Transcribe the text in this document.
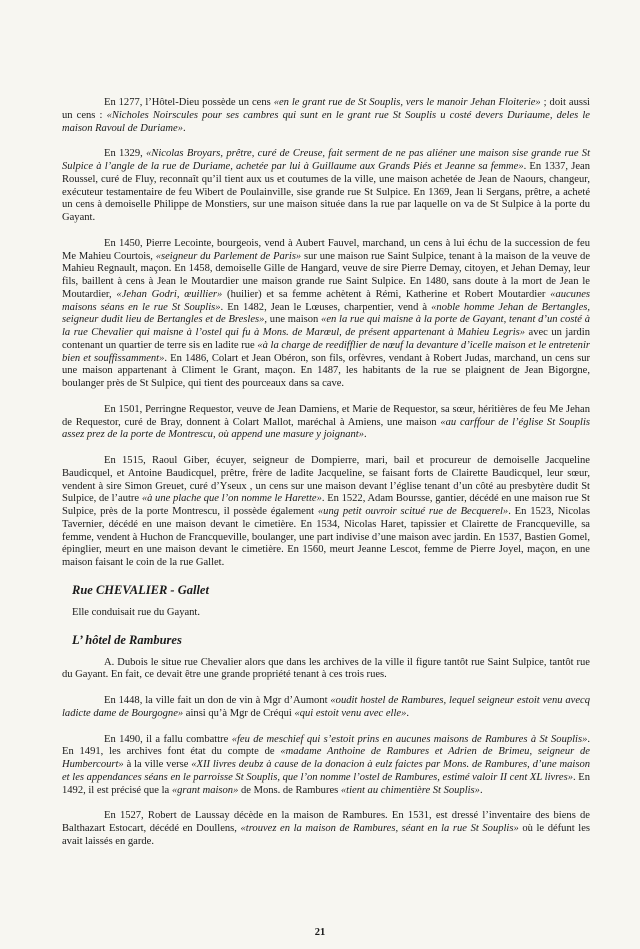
En 1277, l’Hôtel-Dieu possède un cens «en le grant rue de St Souplis, vers le manoir Jehan Floiterie» ; doit aussi un cens : «Nicholes Noirscules pour ses cambres qui sunt en le grant rue St Souplis u costé devers Duriaume, deles le maison Ravoul de Duriame».

En 1329, «Nicolas Broyars, prêtre, curé de Creuse, fait serment de ne pas aliéner une maison sise grande rue St Sulpice à l’angle de la rue de Duriame, achetée par lui à Guillaume aux Grands Piés et Jeanne sa femme». En 1337, Jean Roussel, curé de Fluy, reconnaît qu’il tient aux us et coutumes de la ville, une maison achetée de Jean de Naours, changeur, exécuteur testamentaire de feu Wibert de Poulainville, sise grande rue St Sulpice. En 1369, Jean li Sergans, prêtre, a acheté un cens à demoiselle Philippe de Monstiers, sur une maison située dans la rue par laquelle on va de St Sulpice à la porte du Gayant.

En 1450, Pierre Lecointe, bourgeois, vend à Aubert Fauvel, marchand, un cens à lui échu de la succession de feu Me Mahieu Courtois, «seigneur du Parlement de Paris» sur une maison rue Saint Sulpice, tenant à la maison de la veuve de Mahieu Regnault, maçon. En 1458, demoiselle Gille de Hangard, veuve de sire Pierre Demay, citoyen, et Jehan Demay, leur fils, baillent à cens à Jean le Moutardier une maison grande rue Saint Sulpice. En 1480, sans doute à la mort de Jean le Moutardier, «Jehan Godri, œuillier» (huilier) et sa femme achètent à Rémi, Katherine et Robert Moutardier «aucunes maisons séans en le rue St Souplis». En 1482, Jean le Lœuses, charpentier, vend à «noble homme Jehan de Bertangles, seigneur dudit lieu de Bertangles et de Bresles», une maison «en la rue qui maisne à la porte de Gayant, tenant d’un costé à la rue Chevalier qui maisne à l’ostel qui fu à Mons. de Marœul, de présent appartenant à Mahieu Legris» avec un jardin contenant un quartier de terre sis en ladite rue «à la charge de reedifflier de nœuf la devanture d’icelle maison et le entretenir bien et souffissamment». En 1486, Colart et Jean Obéron, son fils, orfèvres, vendant à Robert Judas, marchand, un cens sur une maison appartenant à Climent le Grant, maçon. En 1487, les habitants de la rue se plaignent de Jean Bigorgne, boulanger près de St Sulpice, qui tient des pourceaux dans sa cave.

En 1501, Perringne Requestor, veuve de Jean Damiens, et Marie de Requestor, sa sœur, héritières de feu Me Jehan de Requestor, curé de Bray, donnent à Colart Mallot, maréchal à Amiens, une maison «au carffour de l’église St Souplis assez prez de la porte de Montrescu, où append une masure y joignant».

En 1515, Raoul Giber, écuyer, seigneur de Dompierre, mari, bail et procureur de demoiselle Jacqueline Baudicquel, et Antoine Baudicquel, prêtre, frère de ladite Jacqueline, se faisant forts de Clairette Baudicquel, leur sœur, vendent à sire Simon Greuet, curé d’Yseux , un cens sur une maison devant l’église tenant d’un côté au presbytère dudit St Sulpice, de l’autre «à une plache que l’on nomme le Harette». En 1522, Adam Boursse, gantier, décédé en une maison rue St Sulpice, près de la porte Montrescu, il possède également «ung petit ouvroir scitué rue de Becquerel». En 1523, Nicolas Tavernier, décédé en une maison devant le cimetière. En 1534, Nicolas Haret, tapissier et Clairette de Francqueville, sa femme, vendent à Huchon de Francqueville, boulanger, une part indivise d’une maison avec jardin. En 1537, Bastien Gomel, épinglier, meurt en une maison devant le cimetière. En 1560, meurt Jeanne Lescot, femme de Pierre Joyel, maçon, en une maison faisant le coin de la rue Gallet.

Rue CHEVALIER - Gallet

Elle conduisait rue du Gayant.

L’ hôtel de Rambures

A. Dubois le situe rue Chevalier alors que dans les archives de la ville il figure tantôt rue Saint Sulpice, tantôt rue du Gayant. En fait, ce devait être une grande propriété tenant à ces trois rues.

En 1448, la ville fait un don de vin à Mgr d’Aumont «oudit hostel de Rambures, lequel seigneur estoit venu avecq ladicte dame de Bourgogne» ainsi qu’à Mgr de Créqui «qui estoit venu avec elle».

En 1490, il a fallu combattre «feu de meschief qui s’estoit prins en aucunes maisons de Rambures à St Souplis». En 1491, les archives font état du compte de «madame Anthoine de Rambures et Adrien de Brimeu, seigneur de Humbercourt» à la ville verse «XII livres deubz à cause de la donacion à eulz faictes par Mons. de Rambures, d’une maison et les appendances séans en le parroisse St Souplis, que l’on nomme l’ostel de Rambures, estimé valoir II cent XL livres». En 1492, il est précisé que la «grant maison» de Mons. de Rambures «tient au chimentière St Souplis».

En 1527, Robert de Laussay décède en la maison de Rambures. En 1531, est dressé l’inventaire des biens de Balthazart Estocart, décédé en Doullens, «trouvez en la maison de Rambures, séant en la rue St Souplis» où le défunt les avait laissés en garde.

21
